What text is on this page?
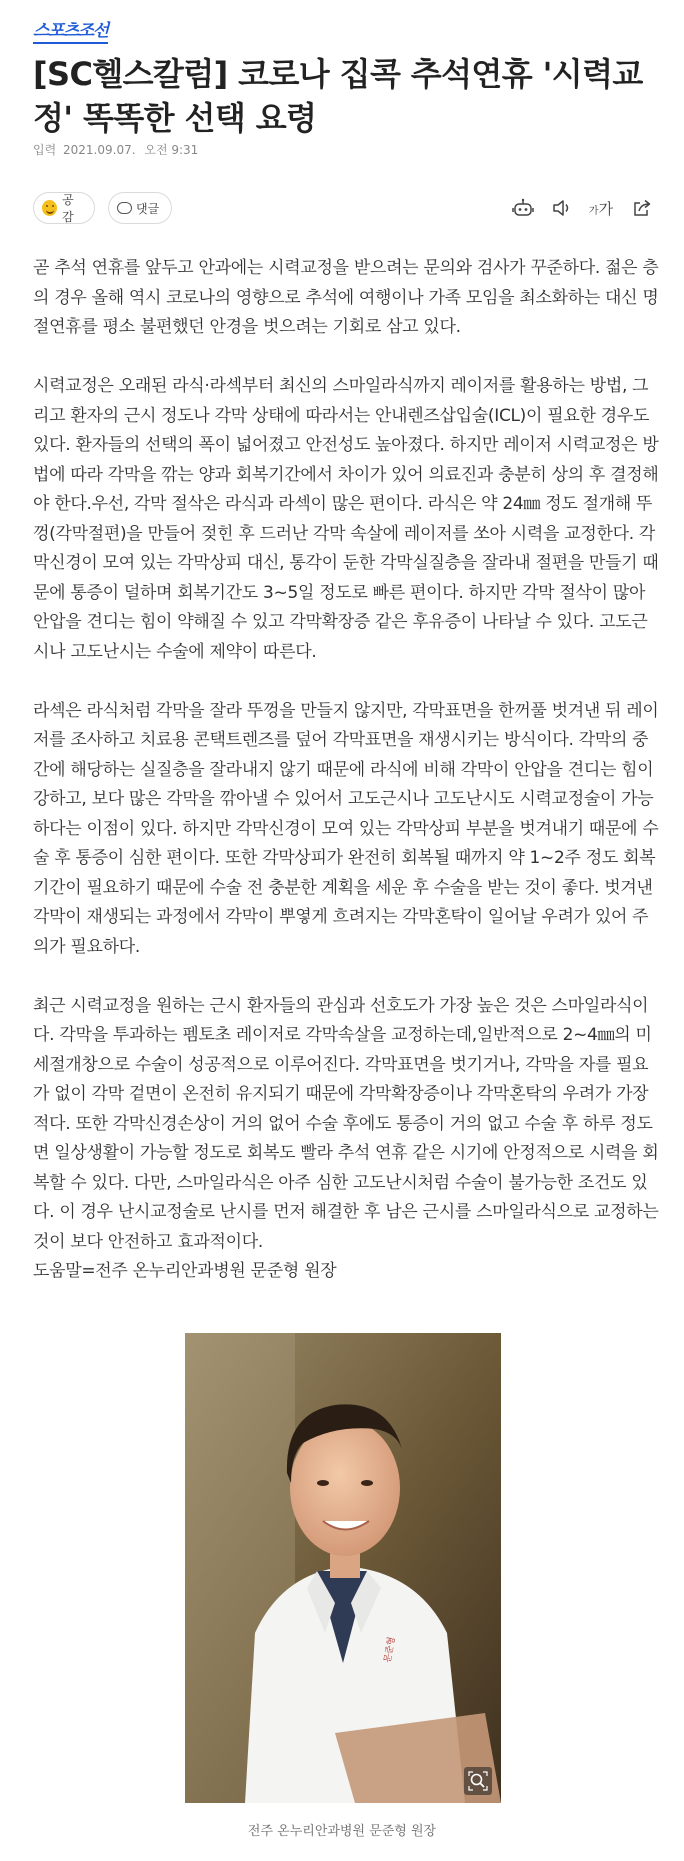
스포츠조선
[SC헬스칼럼] 코로나 집콕 추석연휴 '시력교정' 똑똑한 선택 요령
입력 2021.09.07. 오전 9:31
공감
댓글	가가

곧 추석 연휴를 앞두고 안과에는 시력교정을 받으려는 문의와 검사가 꾸준하다. 젊은 층의 경우 올해 역시 코로나의 영향으로 추석에 여행이나 가족 모임을 최소화하는 대신 명절연휴를 평소 불편했던 안경을 벗으려는 기회로 삼고 있다.

시력교정은 오래된 라식·라섹부터 최신의 스마일라식까지 레이저를 활용하는 방법, 그리고 환자의 근시 정도나 각막 상태에 따라서는 안내렌즈삽입술(ICL)이 필요한 경우도 있다. 환자들의 선택의 폭이 넓어졌고 안전성도 높아졌다. 하지만 레이저 시력교정은 방법에 따라 각막을 깎는 양과 회복기간에서 차이가 있어 의료진과 충분히 상의 후 결정해야 한다.우선, 각막 절삭은 라식과 라섹이 많은 편이다. 라식은 약 24㎜ 정도 절개해 뚜껑(각막절편)을 만들어 젖힌 후 드러난 각막 속살에 레이저를 쏘아 시력을 교정한다. 각막신경이 모여 있는 각막상피 대신, 통각이 둔한 각막실질층을 잘라내 절편을 만들기 때문에 통증이 덜하며 회복기간도 3~5일 정도로 빠른 편이다. 하지만 각막 절삭이 많아 안압을 견디는 힘이 약해질 수 있고 각막확장증 같은 후유증이 나타날 수 있다. 고도근시나 고도난시는 수술에 제약이 따른다.

라섹은 라식처럼 각막을 잘라 뚜껑을 만들지 않지만, 각막표면을 한꺼풀 벗겨낸 뒤 레이저를 조사하고 치료용 콘택트렌즈를 덮어 각막표면을 재생시키는 방식이다. 각막의 중간에 해당하는 실질층을 잘라내지 않기 때문에 라식에 비해 각막이 안압을 견디는 힘이 강하고, 보다 많은 각막을 깎아낼 수 있어서 고도근시나 고도난시도 시력교정술이 가능하다는 이점이 있다. 하지만 각막신경이 모여 있는 각막상피 부분을 벗겨내기 때문에 수술 후 통증이 심한 편이다. 또한 각막상피가 완전히 회복될 때까지 약 1~2주 정도 회복기간이 필요하기 때문에 수술 전 충분한 계획을 세운 후 수술을 받는 것이 좋다. 벗겨낸 각막이 재생되는 과정에서 각막이 뿌옇게 흐려지는 각막혼탁이 일어날 우려가 있어 주의가 필요하다.

최근 시력교정을 원하는 근시 환자들의 관심과 선호도가 가장 높은 것은 스마일라식이다. 각막을 투과하는 펨토초 레이저로 각막속살을 교정하는데,일반적으로 2~4㎜의 미세절개창으로 수술이 성공적으로 이루어진다. 각막표면을 벗기거나, 각막을 자를 필요가 없이 각막 겉면이 온전히 유지되기 때문에 각막확장증이나 각막혼탁의 우려가 가장 적다. 또한 각막신경손상이 거의 없어 수술 후에도 통증이 거의 없고 수술 후 하루 정도면 일상생활이 가능할 정도로 회복도 빨라 추석 연휴 같은 시기에 안정적으로 시력을 회복할 수 있다. 다만, 스마일라식은 아주 심한 고도난시처럼 수술이 불가능한 조건도 있다. 이 경우 난시교정술로 난시를 먼저 해결한 후 남은 근시를 스마일라식으로 교정하는 것이 보다 안전하고 효과적이다.

도움말=전주 온누리안과병원 문준형 원장

문준형
전주 온누리안과병원 문준형 원장
